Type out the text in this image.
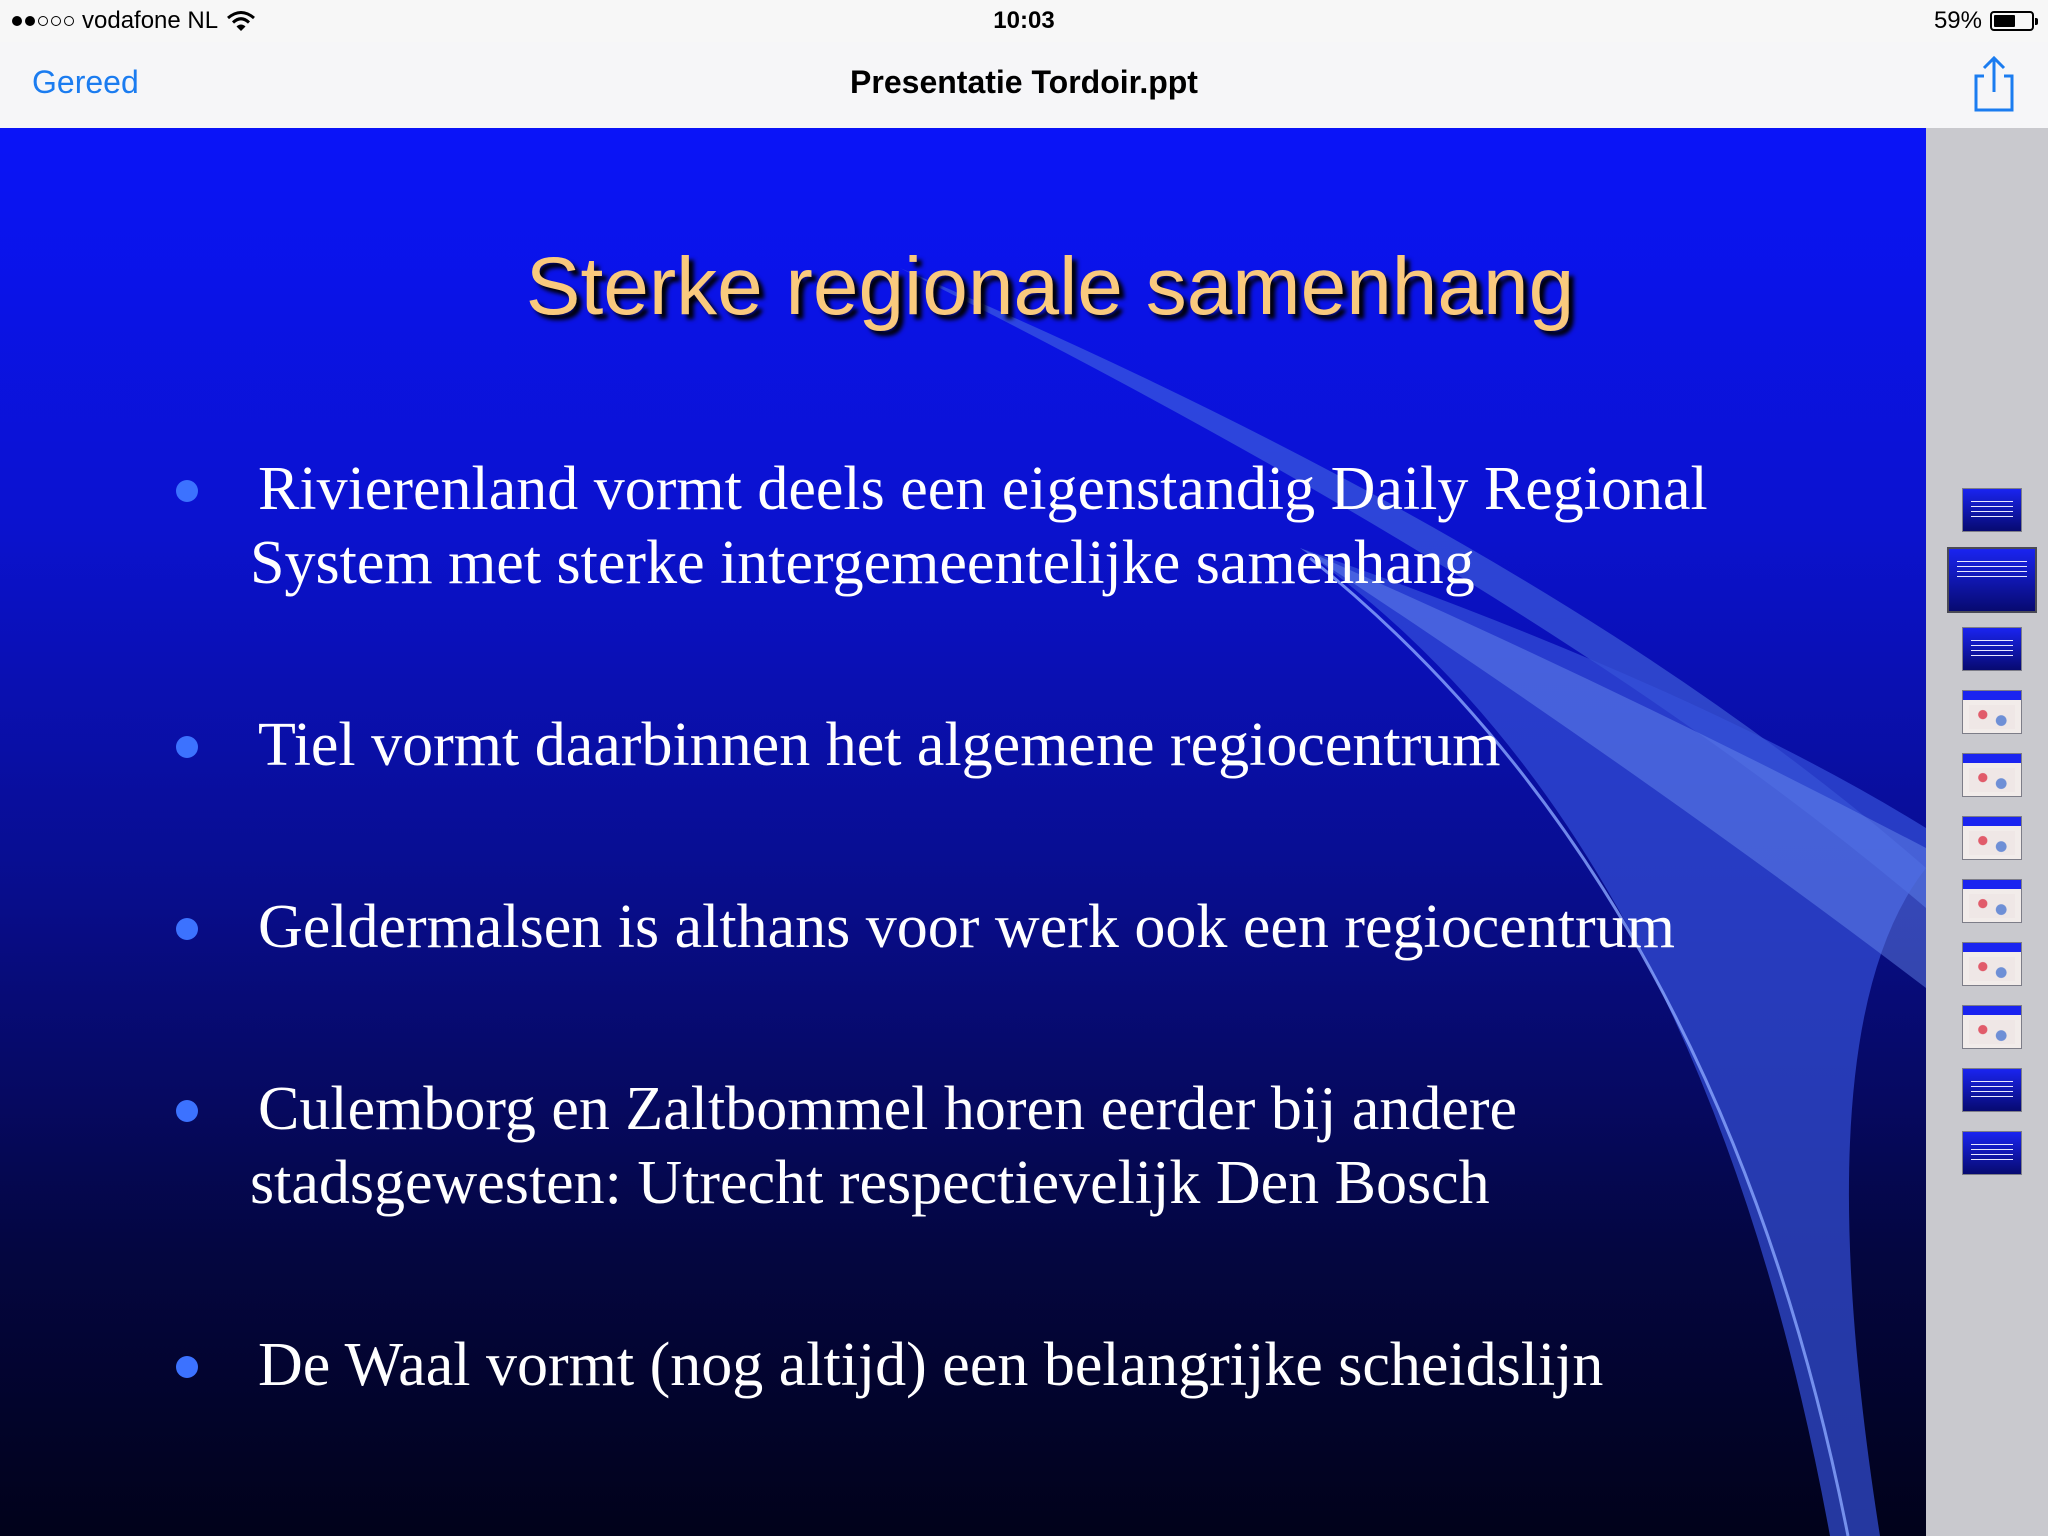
vodafone NL	10:03	59%
Gereed	Presentatie Tordoir.ppt
Sterke regionale samenhang
Rivierenland vormt deels een eigenstandig Daily Regional
System met sterke intergemeentelijke samenhang
Tiel vormt daarbinnen het algemene regiocentrum
Geldermalsen is althans voor werk ook een regiocentrum
Culemborg en Zaltbommel horen eerder bij andere
stadsgewesten: Utrecht respectievelijk Den Bosch
De Waal vormt (nog altijd) een belangrijke scheidslijn
